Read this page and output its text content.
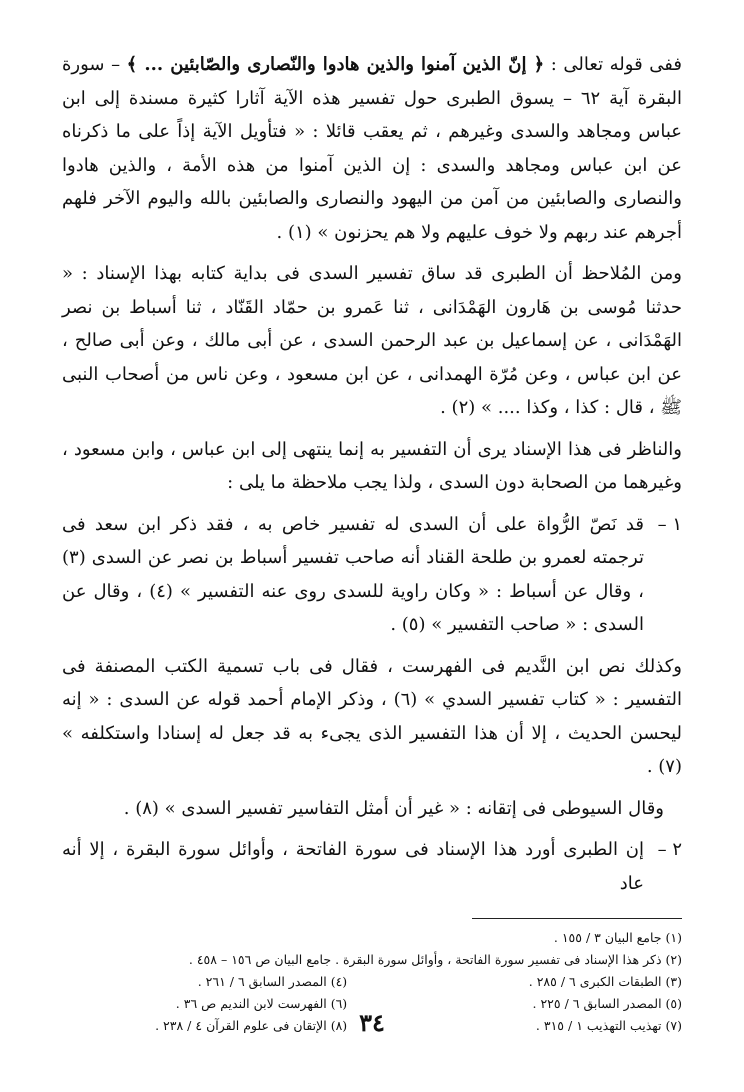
ففى قوله تعالى : ﴿ إنّ الذين آمنوا والذين هادوا والنّصارى والصّابئين ... ﴾ – سورة البقرة آية ٦٢ – يسوق الطبرى حول تفسير هذه الآية آثارا كثيرة مسندة إلى ابن عباس ومجاهد والسدى وغيرهم ، ثم يعقب قائلا : « فتأويل الآية إذاً على ما ذكرناه عن ابن عباس ومجاهد والسدى : إن الذين آمنوا من هذه الأمة ، والذين هادوا والنصارى والصابئين من آمن من اليهود والنصارى والصابئين بالله واليوم الآخر فلهم أجرهم عند ربهم ولا خوف عليهم ولا هم يحزنون » (١) .

ومن المُلاحظ أن الطبرى قد ساق تفسير السدى فى بداية كتابه بهذا الإسناد : « حدثنا مُوسى بن هَارون الهَمْدَانى ، ثنا عَمرو بن حمّاد القَنّاد ، ثنا أسباط بن نصر الهَمْدَانى ، عن إسماعيل بن عبد الرحمن السدى ، عن أبى مالك ، وعن أبى صالح ، عن ابن عباس ، وعن مُرّة الهمدانى ، عن ابن مسعود ، وعن ناس من أصحاب النبى ﷺ ، قال : كذا ، وكذا .... » (٢) .

والناظر فى هذا الإسناد يرى أن التفسير به إنما ينتهى إلى ابن عباس ، وابن مسعود ، وغيرهما من الصحابة دون السدى ، ولذا يجب ملاحظة ما يلى :

١ –
قد نَصّ الرُّواة على أن السدى له تفسير خاص به ، فقد ذكر ابن سعد فى ترجمته لعمرو بن طلحة القناد أنه صاحب تفسير أسباط بن نصر عن السدى (٣) ، وقال عن أسباط : « وكان راوية للسدى روى عنه التفسير » (٤) ، وقال عن السدى : « صاحب التفسير » (٥) .

وكذلك نص ابن النَّديم فى الفهرست ، فقال فى باب تسمية الكتب المصنفة فى التفسير : « كتاب تفسير السدي » (٦) ، وذكر الإمام أحمد قوله عن السدى : « إنه ليحسن الحديث ، إلا أن هذا التفسير الذى يجىء به قد جعل له إسنادا واستكلفه » (٧) .

وقال السيوطى فى إتقانه : « غير أن أمثل التفاسير تفسير السدى » (٨) .

٢ –
إن الطبرى أورد هذا الإسناد فى سورة الفاتحة ، وأوائل سورة البقرة ، إلا أنه عاد
(١) جامع البيان ٣ / ١٥٥ .
(٢) ذكر هذا الإسناد فى تفسير سورة الفاتحة ، وأوائل سورة البقرة . جامع البيان ص ١٥٦ – ٤٥٨ .
(٣) الطبقات الكبرى ٦ / ٢٨٥ .
(٤) المصدر السابق ٦ / ٢٦١ .
(٥) المصدر السابق ٦ / ٢٢٥ .
(٦) الفهرست لابن النديم ص ٣٦ .
(٧) تهذيب التهذيب ١ / ٣١٥ .
(٨) الإتقان فى علوم القرآن ٤ / ٢٣٨ . ٣٤
